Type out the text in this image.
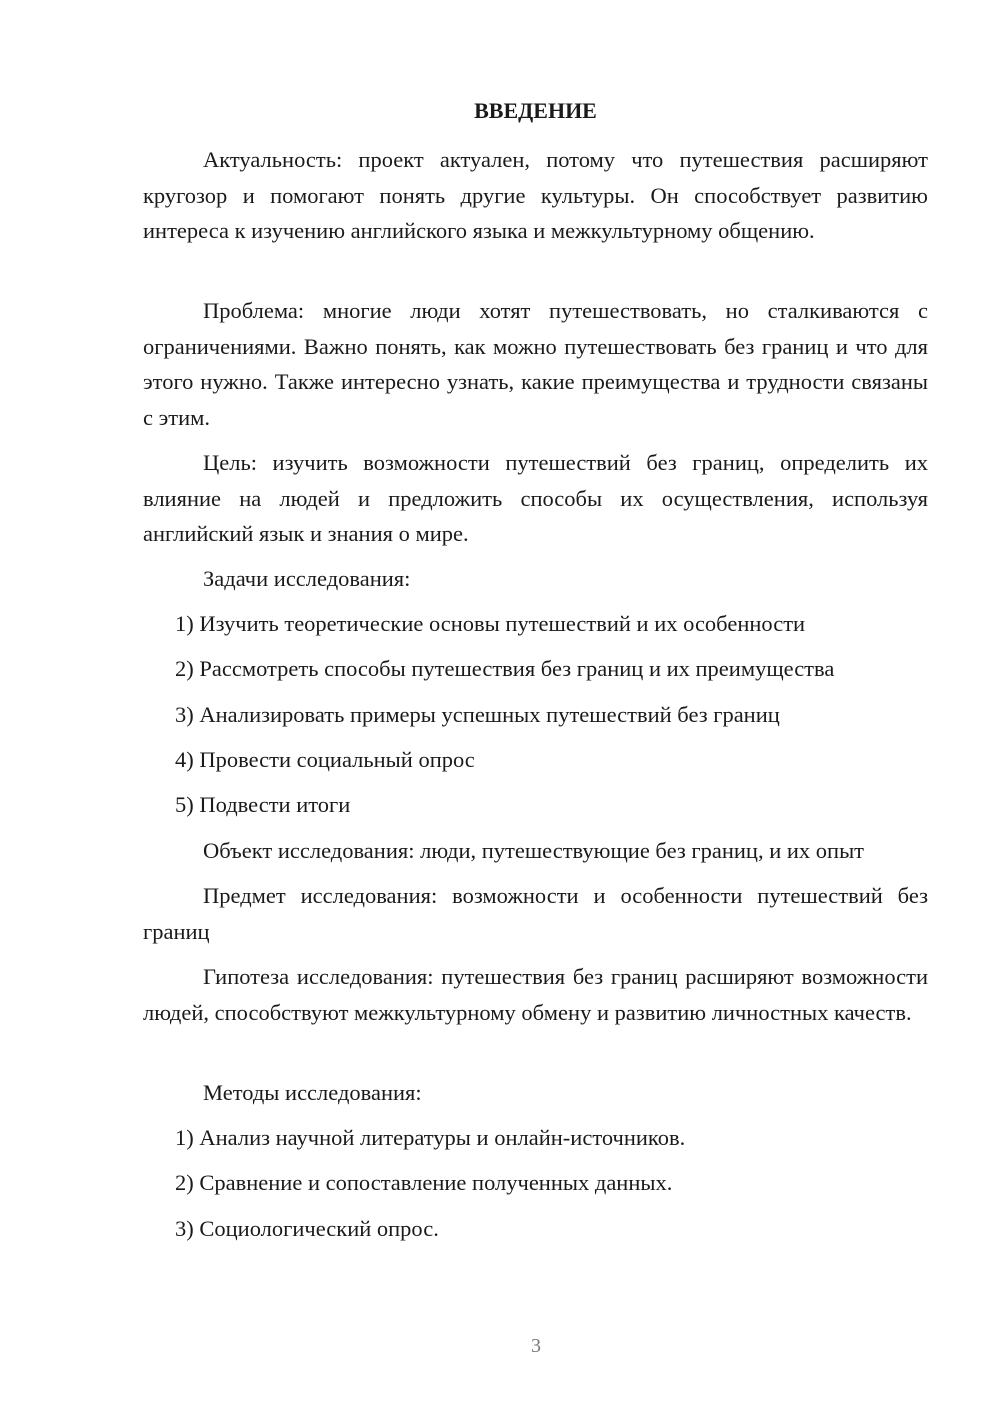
ВВЕДЕНИЕ

Актуальность: проект актуален, потому что путешествия расширяют кругозор и помогают понять другие культуры. Он способствует развитию интереса к изучению английского языка и межкультурному общению.

Проблема: многие люди хотят путешествовать, но сталкиваются с ограничениями. Важно понять, как можно путешествовать без границ и что для этого нужно. Также интересно узнать, какие преимущества и трудности связаны с этим.

Цель: изучить возможности путешествий без границ, определить их влияние на людей и предложить способы их осуществления, используя английский язык и знания о мире.

Задачи исследования:

1) Изучить теоретические основы путешествий и их особенности

2) Рассмотреть способы путешествия без границ и их преимущества

3) Анализировать примеры успешных путешествий без границ

4) Провести социальный опрос

5) Подвести итоги

Объект исследования: люди, путешествующие без границ, и их опыт

Предмет исследования: возможности и особенности путешествий без границ

Гипотеза исследования: путешествия без границ расширяют возможности людей, способствуют межкультурному обмену и развитию личностных качеств.

Методы исследования:

1) Анализ научной литературы и онлайн-источников.

2) Сравнение и сопоставление полученных данных.

3) Социологический опрос.

3
